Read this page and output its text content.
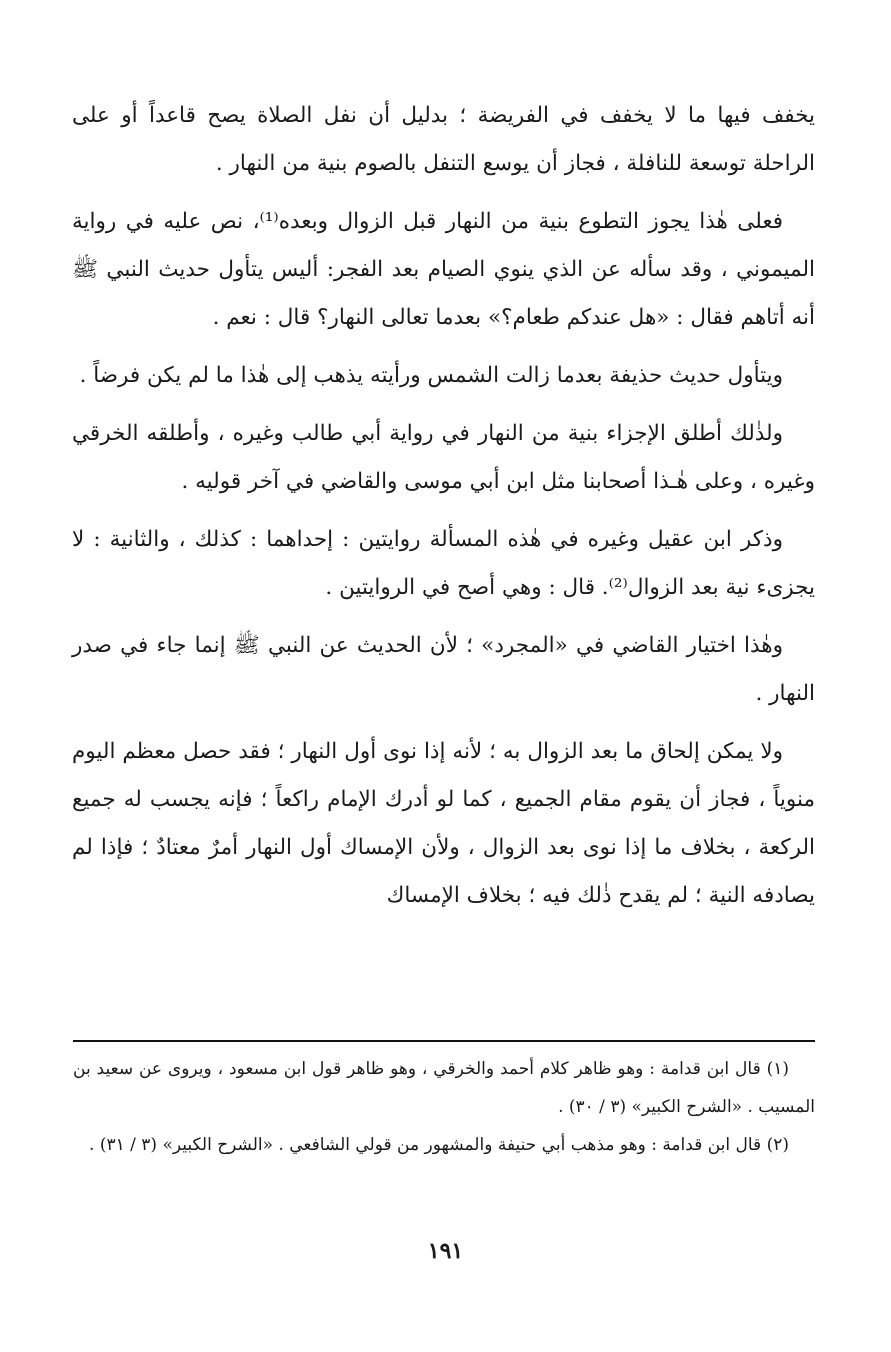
يخفف فيها ما لا يخفف في الفريضة ؛ بدليل أن نفل الصلاة يصح قاعداً أو على الراحلة توسعة للنافلة ، فجاز أن يوسع التنفل بالصوم بنية من النهار .

فعلى هٰذا يجوز التطوع بنية من النهار قبل الزوال وبعده⁽¹⁾، نص عليه في رواية الميموني ، وقد سأله عن الذي ينوي الصيام بعد الفجر: أليس يتأول حديث النبي ﷺ أنه أتاهم فقال : «هل عندكم طعام؟» بعدما تعالى النهار؟ قال : نعم .

ويتأول حديث حذيفة بعدما زالت الشمس ورأيته يذهب إلى هٰذا ما لم يكن فرضاً .

ولذٰلك أطلق الإجزاء بنية من النهار في رواية أبي طالب وغيره ، وأطلقه الخرقي وغيره ، وعلى هٰـذا أصحابنا مثل ابن أبي موسى والقاضي في آخر قوليه .

وذكر ابن عقيل وغيره في هٰذه المسألة روايتين : إحداهما : كذلك ، والثانية : لا يجزىء نية بعد الزوال⁽²⁾. قال : وهي أصح في الروايتين .

وهٰذا اختيار القاضي في «المجرد» ؛ لأن الحديث عن النبي ﷺ إنما جاء في صدر النهار .

ولا يمكن إلحاق ما بعد الزوال به ؛ لأنه إذا نوى أول النهار ؛ فقد حصل معظم اليوم منوياً ، فجاز أن يقوم مقام الجميع ، كما لو أدرك الإمام راكعاً ؛ فإنه يجسب له جميع الركعة ، بخلاف ما إذا نوى بعد الزوال ، ولأن الإمساك أول النهار أمرٌ معتادٌ ؛ فإذا لم يصادفه النية ؛ لم يقدح ذٰلك فيه ؛ بخلاف الإمساك

(١) قال ابن قدامة : وهو ظاهر كلام أحمد والخرقي ، وهو ظاهر قول ابن مسعود ، ويروى عن سعيد بن المسيب . «الشرح الكبير» (٣ / ٣٠) .

(٢) قال ابن قدامة : وهو مذهب أبي حنيفة والمشهور من قولي الشافعي . «الشرح الكبير» (٣ / ٣١) .

١٩١
